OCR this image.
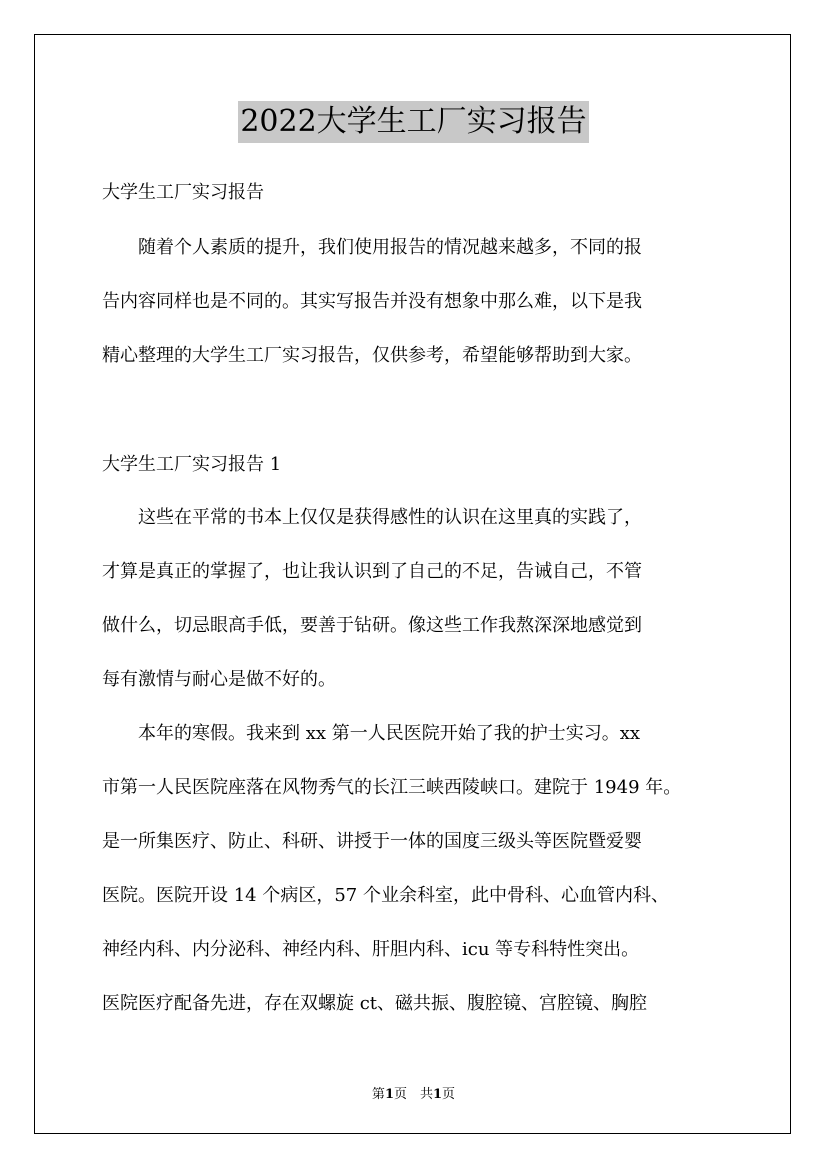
2022大学生工厂实习报告

大学生工厂实习报告

　　随着个人素质的提升，我们使用报告的情况越来越多，不同的报

告内容同样也是不同的。其实写报告并没有想象中那么难，以下是我

精心整理的大学生工厂实习报告，仅供参考，希望能够帮助到大家。

大学生工厂实习报告 1

　　这些在平常的书本上仅仅是获得感性的认识在这里真的实践了，

才算是真正的掌握了，也让我认识到了自己的不足，告诫自己，不管

做什么，切忌眼高手低，要善于钻研。像这些工作我熬深深地感觉到

每有激情与耐心是做不好的。

　　本年的寒假。我来到 xx 第一人民医院开始了我的护士实习。xx

市第一人民医院座落在风物秀气的长江三峡西陵峡口。建院于 1949 年。

是一所集医疗、防止、科研、讲授于一体的国度三级头等医院暨爱婴

医院。医院开设 14 个病区，57 个业余科室，此中骨科、心血管内科、

神经内科、内分泌科、神经内科、肝胆内科、icu 等专科特性突出。

医院医疗配备先进，存在双螺旋 ct、磁共振、腹腔镜、宫腔镜、胸腔

第1页　共1页
